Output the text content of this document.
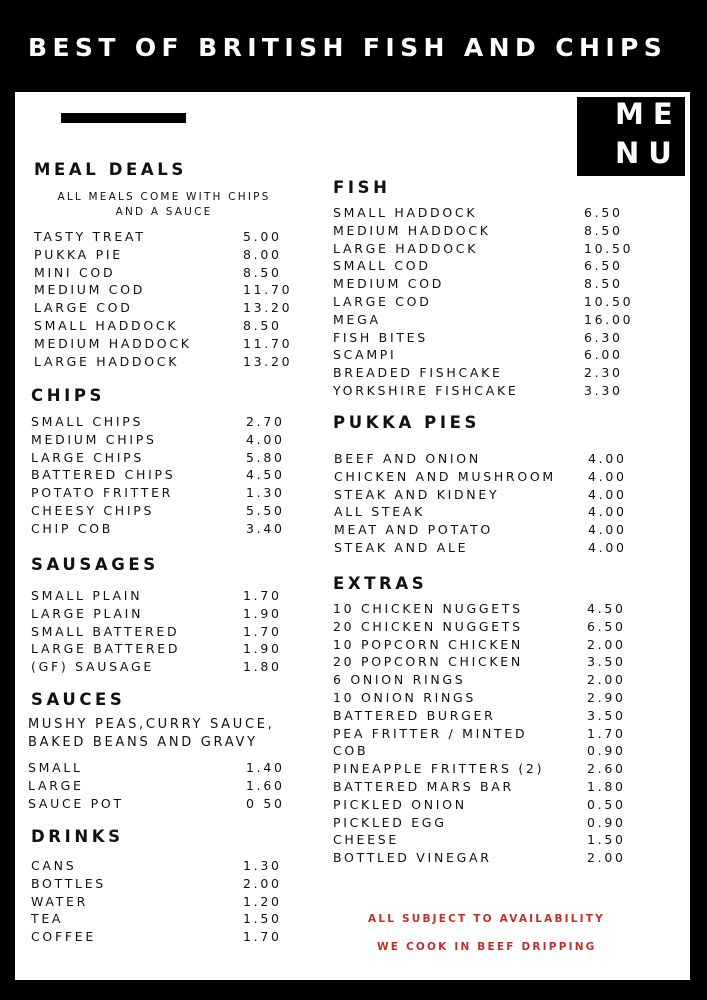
BEST OF BRITISH FISH AND CHIPS
ME
NU
MEAL DEALS
ALL MEALS COME WITH CHIPS
AND A SAUCE
CHIPS
SAUSAGES
SAUCES
MUSHY PEAS,CURRY SAUCE,
BAKED BEANS AND GRAVY
DRINKS
FISH
PUKKA PIES
EXTRAS
ALL SUBJECT TO AVAILABILITY
WE COOK IN BEEF DRIPPING
TASTY TREAT	5.00
PUKKA PIE	8.00
MINI COD	8.50
MEDIUM COD	11.70
LARGE COD	13.20
SMALL HADDOCK	8.50
MEDIUM HADDOCK	11.70
LARGE HADDOCK	13.20
SMALL CHIPS	2.70
MEDIUM CHIPS	4.00
LARGE CHIPS	5.80
BATTERED CHIPS	4.50
POTATO FRITTER	1.30
CHEESY CHIPS	5.50
CHIP COB	3.40
SMALL PLAIN	1.70
LARGE PLAIN	1.90
SMALL BATTERED	1.70
LARGE BATTERED	1.90
(GF) SAUSAGE	1.80
SMALL	1.40
LARGE	1.60
SAUCE POT	0 50
CANS	1.30
BOTTLES	2.00
WATER	1.20
TEA	1.50
COFFEE	1.70
SMALL HADDOCK	6.50
MEDIUM HADDOCK	8.50
LARGE HADDOCK	10.50
SMALL COD	6.50
MEDIUM COD	8.50
LARGE COD	10.50
MEGA	16.00
FISH BITES	6.30
SCAMPI	6.00
BREADED FISHCAKE	2.30
YORKSHIRE FISHCAKE	3.30
BEEF AND ONION	4.00
CHICKEN AND MUSHROOM	4.00
STEAK AND KIDNEY	4.00
ALL STEAK	4.00
MEAT AND POTATO	4.00
STEAK AND ALE	4.00
10 CHICKEN NUGGETS	4.50
20 CHICKEN NUGGETS	6.50
10 POPCORN CHICKEN	2.00
20 POPCORN CHICKEN	3.50
6 ONION RINGS	2.00
10 ONION RINGS	2.90
BATTERED BURGER	3.50
PEA FRITTER / MINTED	1.70
COB	0.90
PINEAPPLE FRITTERS (2)	2.60
BATTERED MARS BAR	1.80
PICKLED ONION	0.50
PICKLED EGG	0.90
CHEESE	1.50
BOTTLED VINEGAR	2.00
